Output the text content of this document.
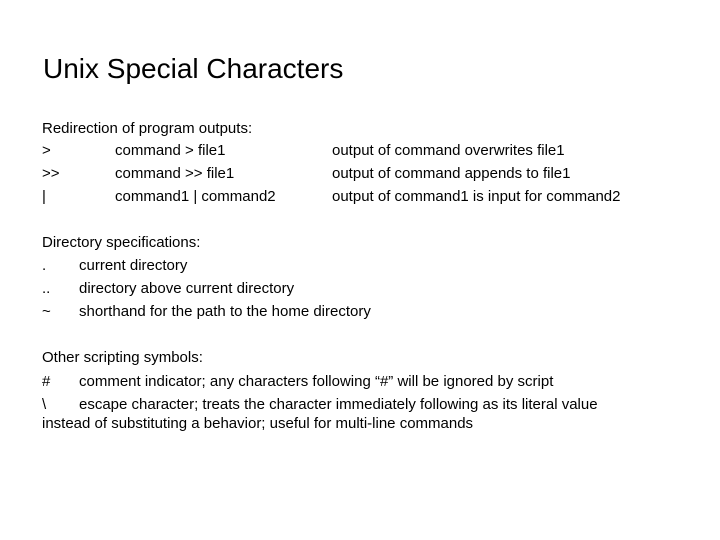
Unix Special Characters
Redirection of program outputs:
>	command > file1	output of command overwrites file1
>>	command >> file1	output of command appends to file1
|	command1 | command2	output of command1 is input for command2
Directory specifications:
. current directory
.. directory above current directory
~ shorthand for the path to the home directory
Other scripting symbols:
# comment indicator; any characters following “#” will be ignored by script
\ escape character; treats the character immediately following as its literal value
instead of substituting a behavior; useful for multi-line commands
